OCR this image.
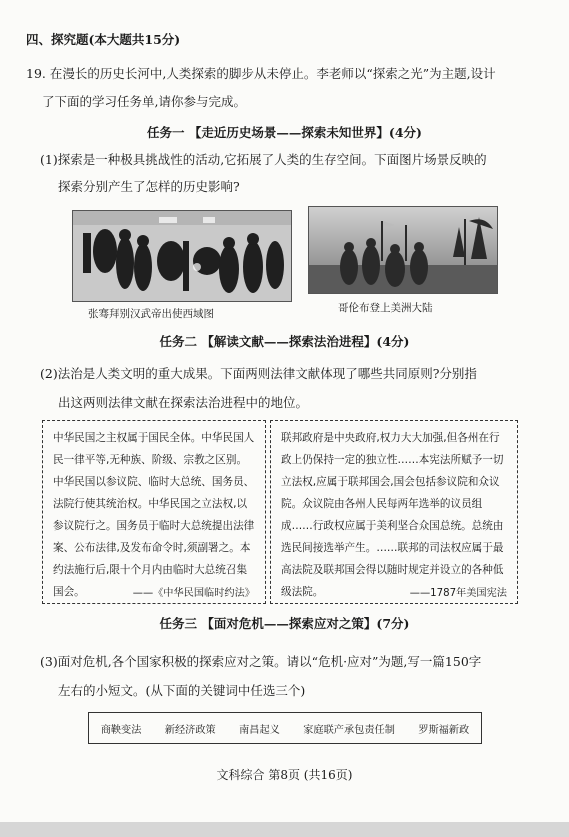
四、探究题(本大题共15分)
19. 在漫长的历史长河中,人类探索的脚步从未停止。李老师以“探索之光”为主题,设计
了下面的学习任务单,请你参与完成。
任务一 【走近历史场景——探索未知世界】(4分)
(1)探索是一种极具挑战性的活动,它拓展了人类的生存空间。下面图片场景反映的
探索分别产生了怎样的历史影响?
张骞拜别汉武帝出使西域图	哥伦布登上美洲大陆
任务二 【解读文献——探索法治进程】(4分)
(2)法治是人类文明的重大成果。下面两则法律文献体现了哪些共同原则?分别指
出这两则法律文献在探索法治进程中的地位。
中华民国之主权属于国民全体。中华民国人民一律平等,无种族、阶级、宗教之区别。中华民国以参议院、临时大总统、国务员、法院行使其统治权。中华民国之立法权,以参议院行之。国务员于临时大总统提出法律案、公布法律,及发布命令时,须副署之。本约法施行后,限十个月内由临时大总统召集国会。	——《中华民国临时约法》
联邦政府是中央政府,权力大大加强,但各州在行政上仍保持一定的独立性……本宪法所赋予一切立法权,应属于联邦国会,国会包括参议院和众议院。众议院由各州人民每两年选举的议员组成……行政权应属于美利坚合众国总统。总统由选民间接选举产生。……联邦的司法权应属于最高法院及联邦国会得以随时规定并设立的各种低级法院。	——1787年美国宪法
任务三 【面对危机——探索应对之策】(7分)
(3)面对危机,各个国家积极的探索应对之策。请以“危机·应对”为题,写一篇150字
左右的小短文。(从下面的关键词中任选三个)
商鞅变法 新经济政策 南昌起义 家庭联产承包责任制 罗斯福新政
文科综合 第8页 (共16页)
